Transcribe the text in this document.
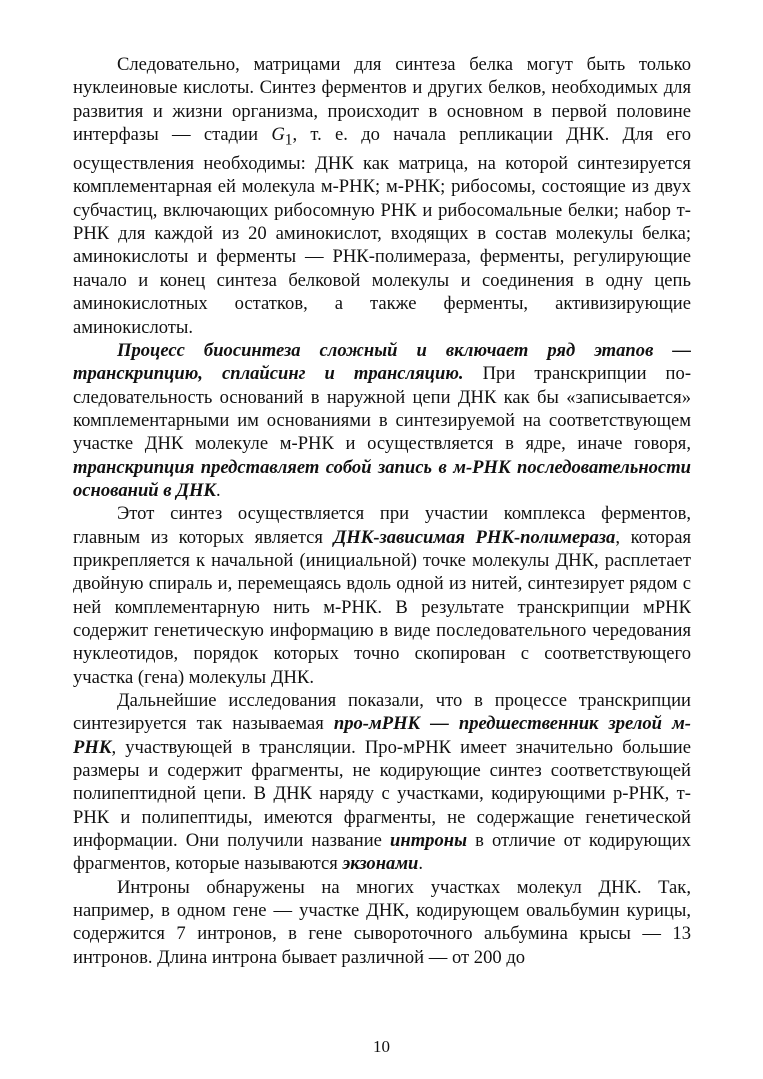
Следовательно, матрицами для синтеза белка могут быть только нуклеиновые кислоты. Синтез ферментов и других белков, необходимых для развития и жизни организма, происходит в основном в первой половине интерфазы — стадии $G_1$, т. е. до начала репликации ДНК. Для его осуществления необходимы: ДНК как матрица, на которой синтезируется комплементарная ей молекула м-РНК; м-РНК; рибосомы, состоящие из двух субчастиц, включающих рибосомную РНК и рибосомальные белки; набор т-РНК для каждой из 20 аминокислот, входящих в состав молекулы белка; аминокислоты и ферменты — РНК-полимераза, ферменты, регулирующие начало и конец синтеза белковой молекулы и соединения в одну цепь аминокислотных остатков, а также ферменты, активизирующие аминокислоты.

Процесс биосинтеза сложный и включает ряд этапов — транскрипцию, сплайсинг и трансляцию. При транскрипции последовательность оснований в наружной цепи ДНК как бы «записывается» комплементарными им основаниями в синтезируемой на соответствующем участке ДНК молекуле м-РНК и осуществляется в ядре, иначе говоря, транскрипция представляет собой запись в м-РНК последовательности оснований в ДНК.

Этот синтез осуществляется при участии комплекса ферментов, главным из которых является ДНК-зависимая РНК-полимераза, которая прикрепляется к начальной (инициальной) точке молекулы ДНК, расплетает двойную спираль и, перемещаясь вдоль одной из нитей, синтезирует рядом с ней комплементарную нить м-РНК. В результате транскрипции мРНК содержит генетическую информацию в виде последовательного чередования нуклеотидов, порядок которых точно скопирован с соответствующего участка (гена) молекулы ДНК.

Дальнейшие исследования показали, что в процессе транскрипции синтезируется так называемая про-мРНК — предшественник зрелой м-РНК, участвующей в трансляции. Про-мРНК имеет значительно большие размеры и содержит фрагменты, не кодирующие синтез соответствующей полипептидной цепи. В ДНК наряду с участками, кодирующими р-РНК, т-РНК и полипептиды, имеются фрагменты, не содержащие генетической информации. Они получили название интроны в отличие от кодирующих фрагментов, которые называются экзонами.

Интроны обнаружены на многих участках молекул ДНК. Так, например, в одном гене — участке ДНК, кодирующем овальбумин курицы, содержится 7 интронов, в гене сывороточного альбумина крысы — 13 интронов. Длина интрона бывает различной — от 200 до

10
